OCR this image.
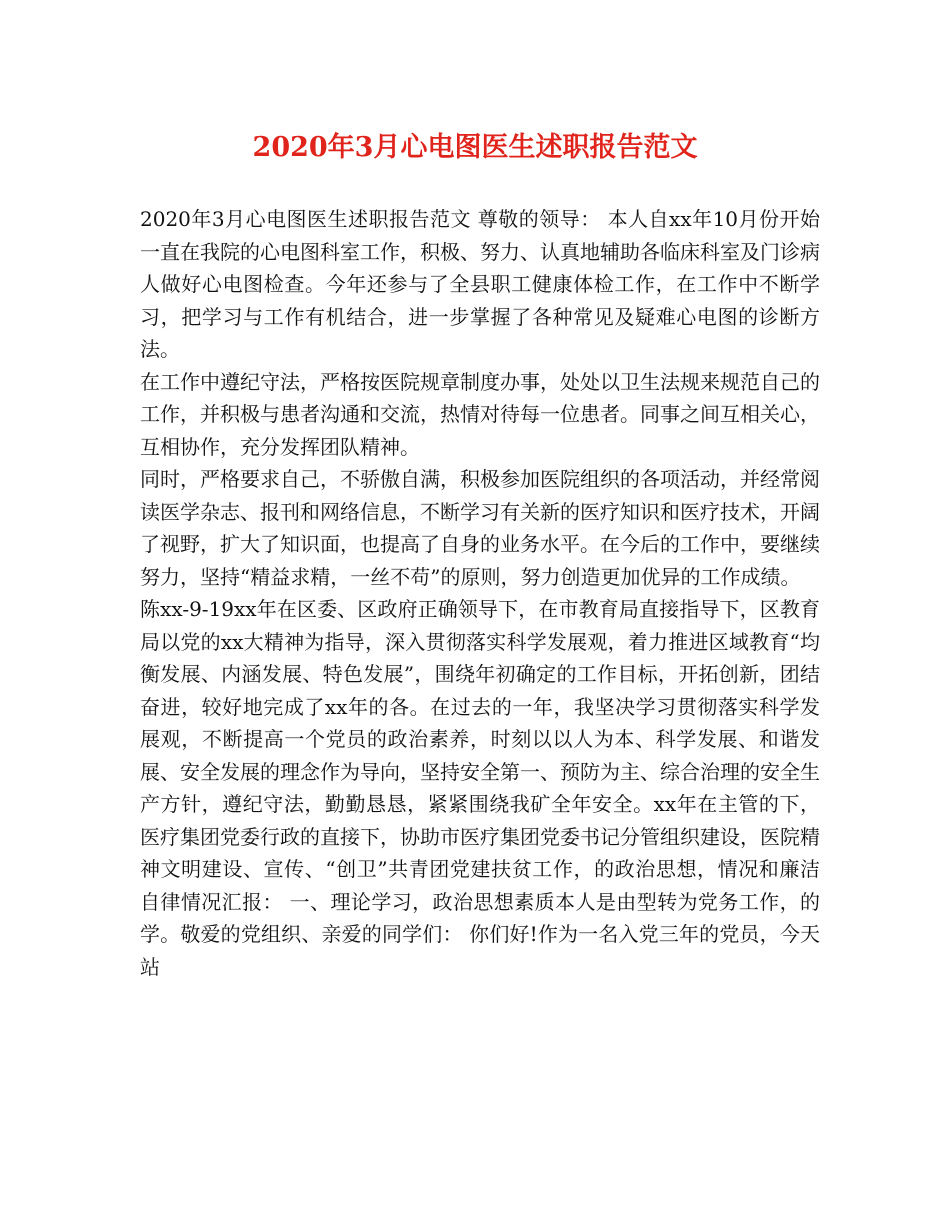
2020年3月心电图医生述职报告范文

2020年3月心电图医生述职报告范文 尊敬的领导： 本人自xx年10月份开始一直在我院的心电图科室工作，积极、努力、认真地辅助各临床科室及门诊病人做好心电图检查。今年还参与了全县职工健康体检工作，在工作中不断学习，把学习与工作有机结合，进一步掌握了各种常见及疑难心电图的诊断方法。

在工作中遵纪守法，严格按医院规章制度办事，处处以卫生法规来规范自己的工作，并积极与患者沟通和交流，热情对待每一位患者。同事之间互相关心，互相协作，充分发挥团队精神。

同时，严格要求自己，不骄傲自满，积极参加医院组织的各项活动，并经常阅读医学杂志、报刊和网络信息，不断学习有关新的医疗知识和医疗技术，开阔了视野，扩大了知识面，也提高了自身的业务水平。在今后的工作中，要继续努力，坚持“精益求精，一丝不苟”的原则，努力创造更加优异的工作成绩。

陈xx-9-19xx年在区委、区政府正确领导下，在市教育局直接指导下，区教育局以党的xx大精神为指导，深入贯彻落实科学发展观，着力推进区域教育“均衡发展、内涵发展、特色发展”，围绕年初确定的工作目标，开拓创新，团结奋进，较好地完成了xx年的各。在过去的一年，我坚决学习贯彻落实科学发展观，不断提高一个党员的政治素养，时刻以以人为本、科学发展、和谐发展、安全发展的理念作为导向，坚持安全第一、预防为主、综合治理的安全生产方针，遵纪守法，勤勤恳恳，紧紧围绕我矿全年安全。xx年在主管的下，医疗集团党委行政的直接下，协助市医疗集团党委书记分管组织建设，医院精神文明建设、宣传、“创卫”共青团党建扶贫工作，的政治思想，情况和廉洁自律情况汇报： 一、理论学习，政治思想素质本人是由型转为党务工作，的学。敬爱的党组织、亲爱的同学们： 你们好!作为一名入党三年的党员，今天站
